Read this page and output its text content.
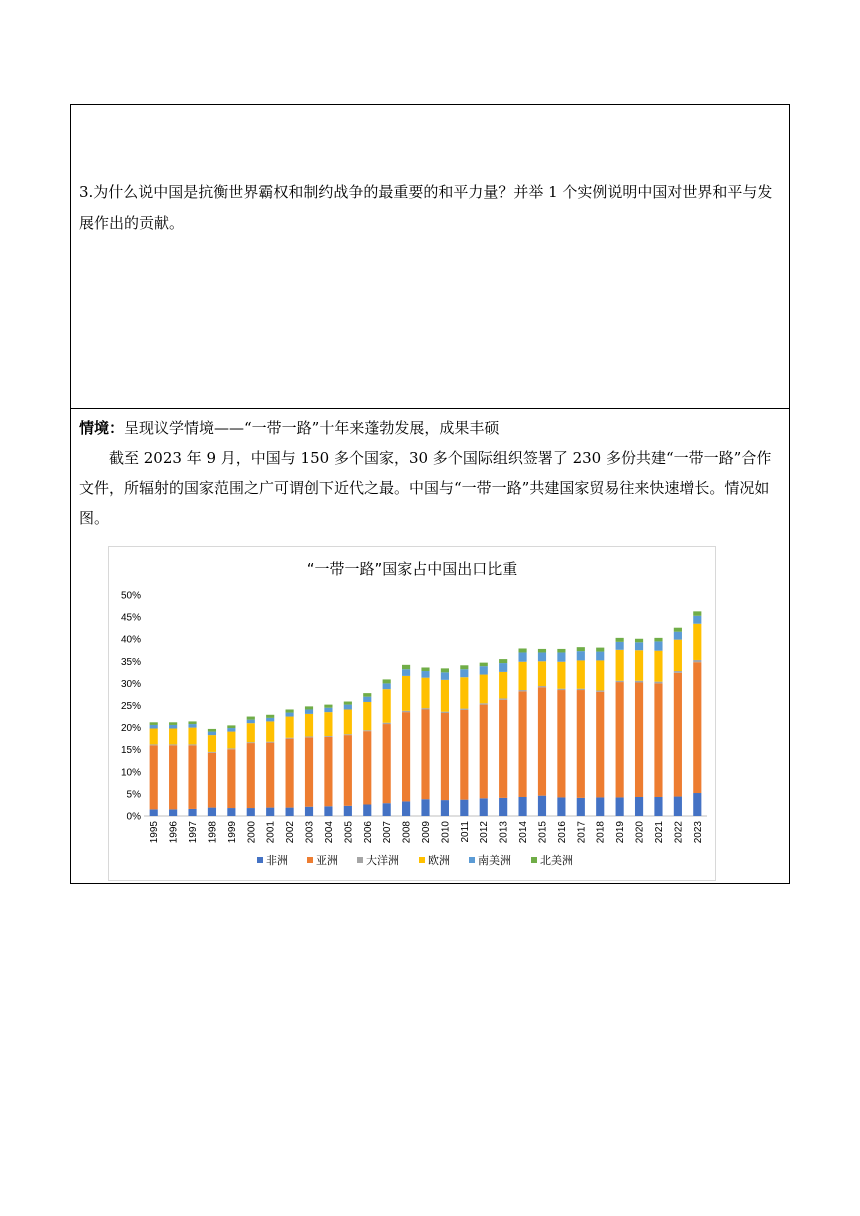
3.为什么说中国是抗衡世界霸权和制约战争的最重要的和平力量？并举 1 个实例说明中国对世界和平与发展作出的贡献。

情境：呈现议学情境——“一带一路”十年来蓬勃发展，成果丰硕

截至 2023 年 9 月，中国与 150 多个国家，30 多个国际组织签署了 230 多份共建“一带一路”合作文件，所辐射的国家范围之广可谓创下近代之最。中国与“一带一路”共建国家贸易往来快速增长。情况如图。

“一带一路”国家占中国出口比重
0%
5%
10%
15%
20%
25%
30%
35%
40%
45%
50%
1995 1996 1997 1998 1999 2000 2001 2002 2003 2004 2005 2006 2007 2008 2009 2010 2011 2012 2013 2014 2015 2016 2017 2018 2019 2020 2021 2022 2023
非洲	亚洲	大洋洲	欧洲	南美洲	北美洲
